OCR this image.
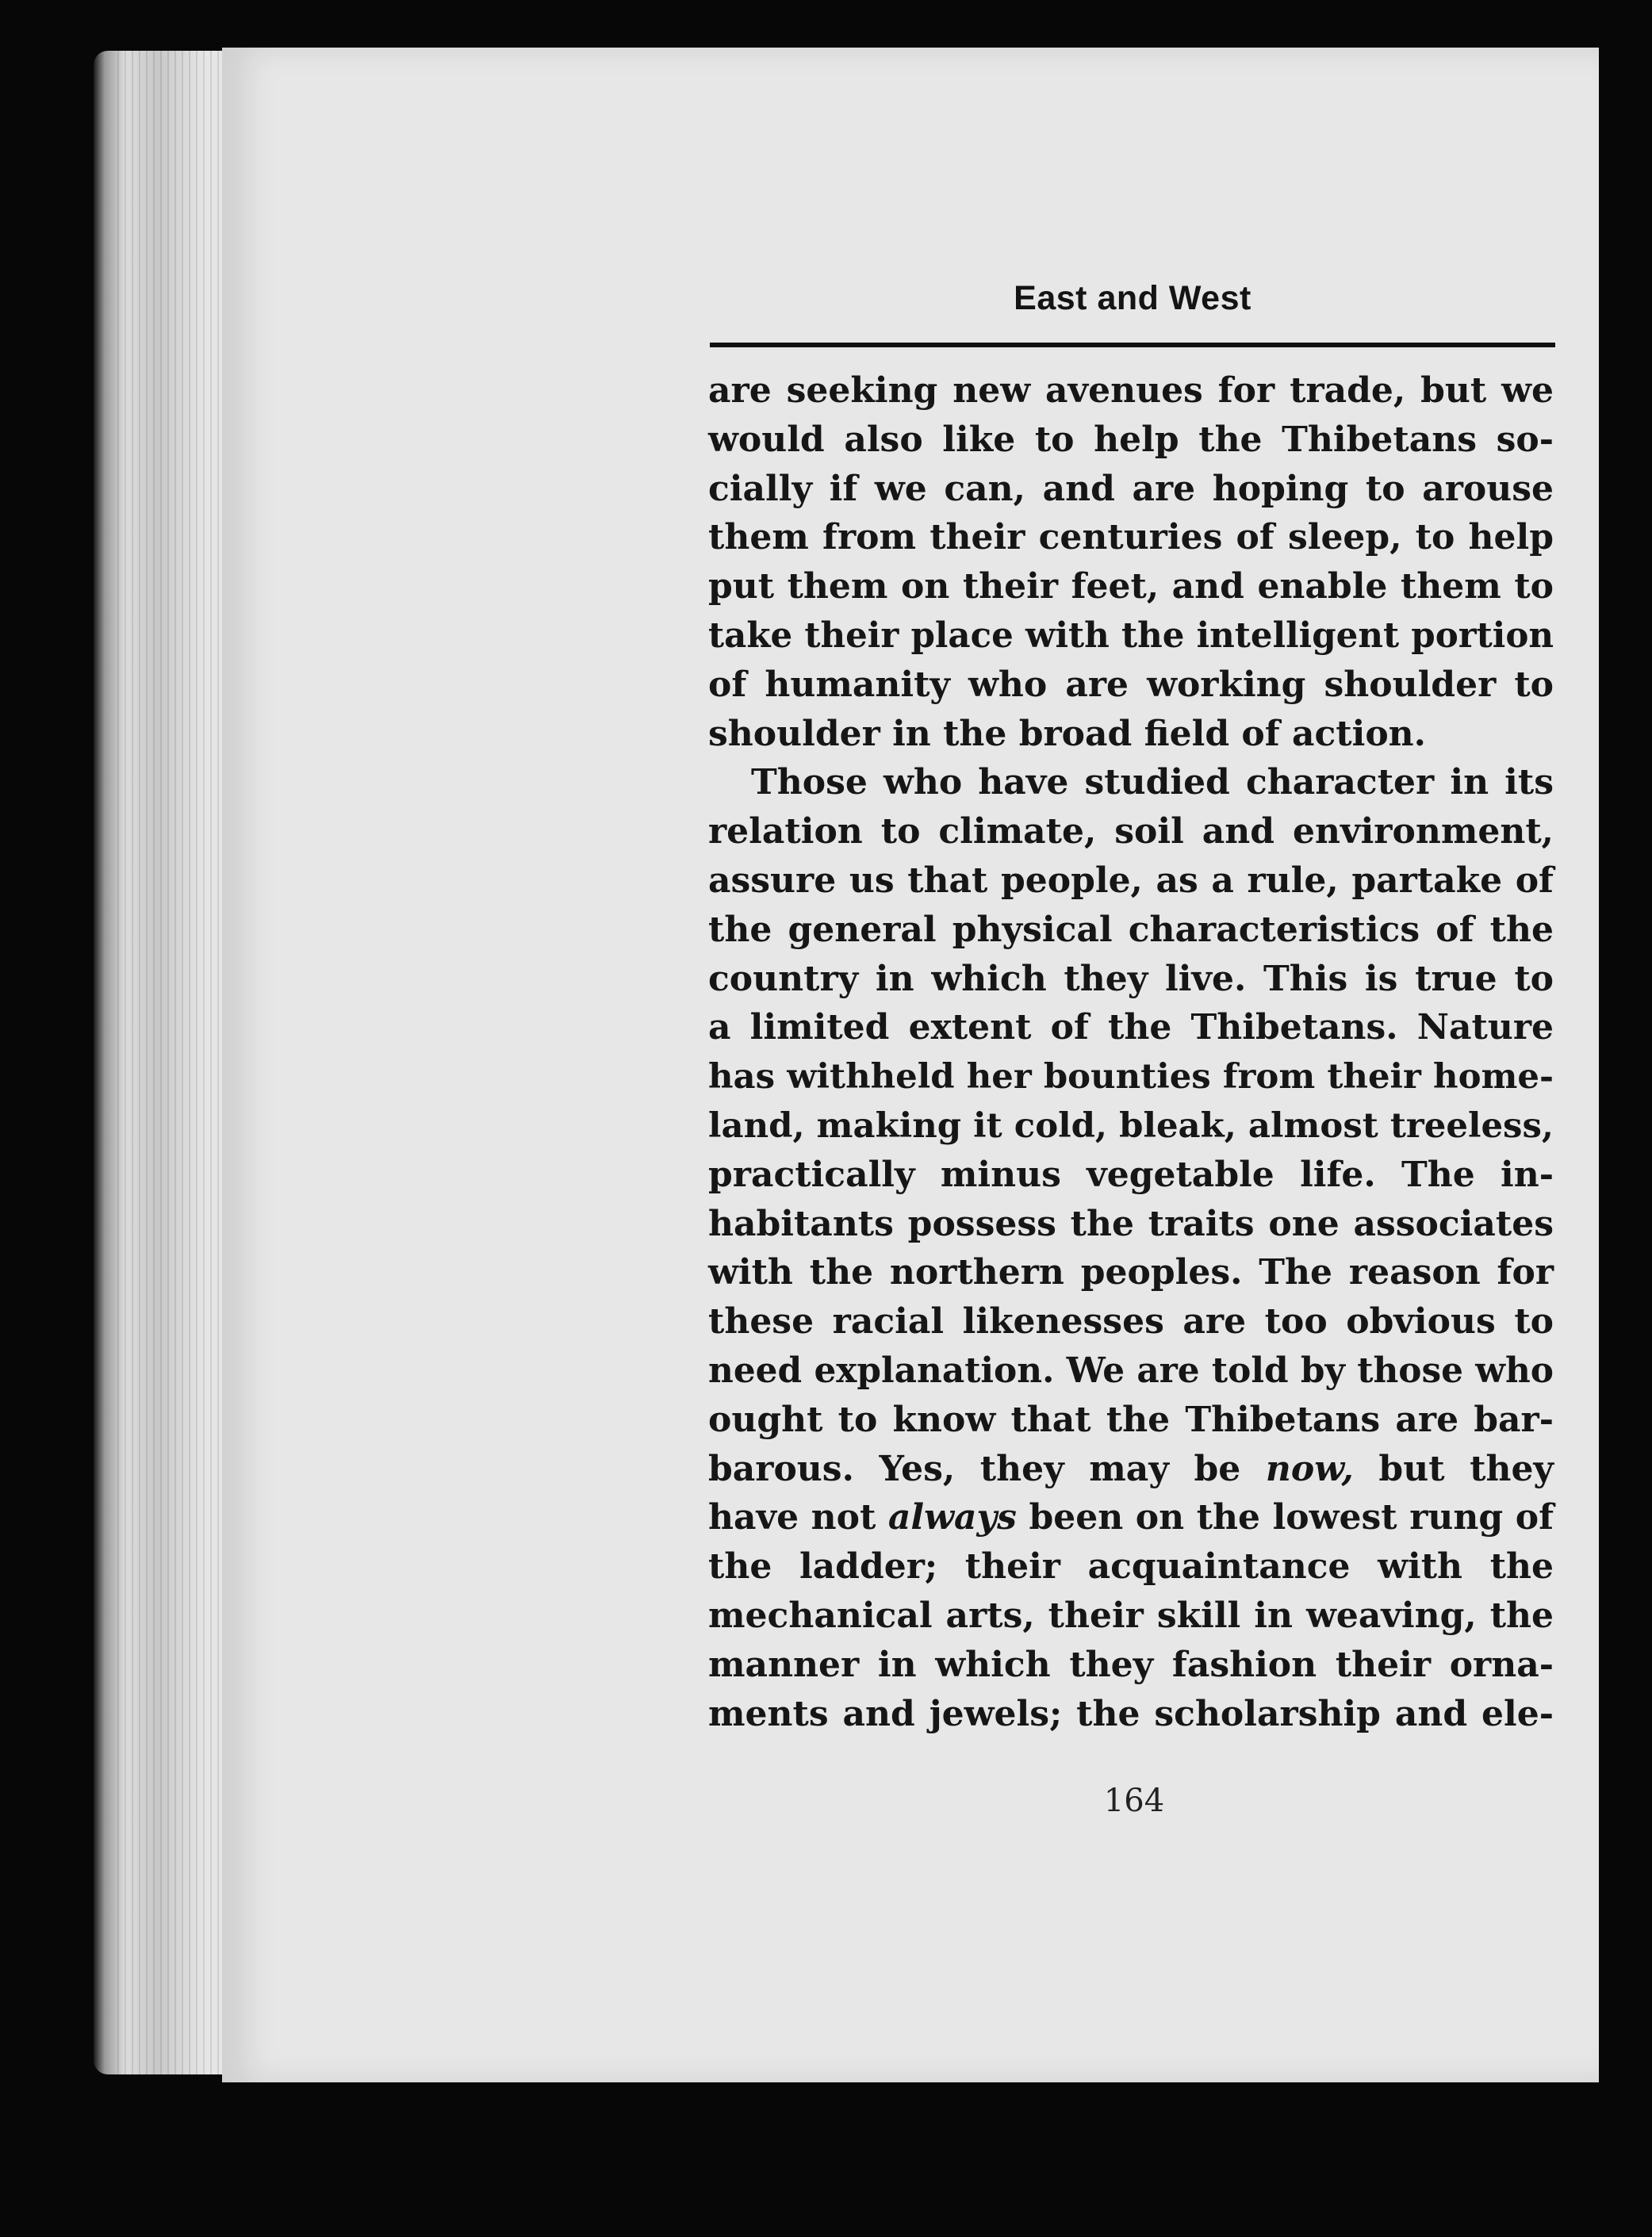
East and West
are seeking new avenues for trade, but we
would also like to help the Thibetans so-
cially if we can, and are hoping to arouse
them from their centuries of sleep, to help
put them on their feet, and enable them to
take their place with the intelligent portion
of humanity who are working shoulder to
shoulder in the broad field of action.
Those who have studied character in its
relation to climate, soil and environment,
assure us that people, as a rule, partake of
the general physical characteristics of the
country in which they live. This is true to
a limited extent of the Thibetans. Nature
has withheld her bounties from their home-
land, making it cold, bleak, almost treeless,
practically minus vegetable life. The in-
habitants possess the traits one associates
with the northern peoples. The reason for
these racial likenesses are too obvious to
need explanation. We are told by those who
ought to know that the Thibetans are bar-
barous. Yes, they may be now, but they
have not always been on the lowest rung of
the ladder; their acquaintance with the
mechanical arts, their skill in weaving, the
manner in which they fashion their orna-
ments and jewels; the scholarship and ele-
164
